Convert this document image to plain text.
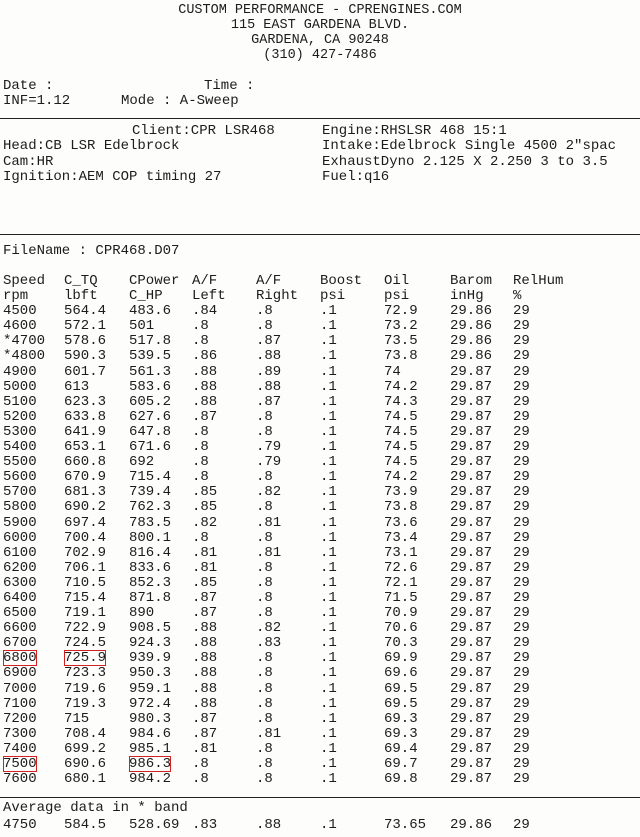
CUSTOM PERFORMANCE - CPRENGINES.COM
115 EAST GARDENA BLVD.
GARDENA, CA 90248
(310) 427-7486
Date :	Time :
INF=1.12	Mode : A-Sweep
Client:CPR LSR468	Engine:RHSLSR 468 15:1
Head:CB LSR Edelbrock	Intake:Edelbrock Single 4500 2"spac
Cam:HR	ExhaustDyno 2.125 X 2.250 3 to 3.5
Ignition:AEM COP timing 27	Fuel:q16
FileName : CPR468.D07
Speed	C_TQ	CPower	A/F	A/F	Boost	Oil	Barom	RelHum
rpm	lbft	C_HP	Left	Right	psi	psi	inHg	%
4500	564.4	483.6	.84	.8	.1	72.9	29.86	29
4600	572.1	501	.8	.8	.1	73.2	29.86	29
*4700	578.6	517.8	.8	.87	.1	73.5	29.86	29
*4800	590.3	539.5	.86	.88	.1	73.8	29.86	29
4900	601.7	561.3	.88	.89	.1	74	29.87	29
5000	613	583.6	.88	.88	.1	74.2	29.87	29
5100	623.3	605.2	.88	.87	.1	74.3	29.87	29
5200	633.8	627.6	.87	.8	.1	74.5	29.87	29
5300	641.9	647.8	.8	.8	.1	74.5	29.87	29
5400	653.1	671.6	.8	.79	.1	74.5	29.87	29
5500	660.8	692	.8	.79	.1	74.5	29.87	29
5600	670.9	715.4	.8	.8	.1	74.2	29.87	29
5700	681.3	739.4	.85	.82	.1	73.9	29.87	29
5800	690.2	762.3	.85	.8	.1	73.8	29.87	29
5900	697.4	783.5	.82	.81	.1	73.6	29.87	29
6000	700.4	800.1	.8	.8	.1	73.4	29.87	29
6100	702.9	816.4	.81	.81	.1	73.1	29.87	29
6200	706.1	833.6	.81	.8	.1	72.6	29.87	29
6300	710.5	852.3	.85	.8	.1	72.1	29.87	29
6400	715.4	871.8	.87	.8	.1	71.5	29.87	29
6500	719.1	890	.87	.8	.1	70.9	29.87	29
6600	722.9	908.5	.88	.82	.1	70.6	29.87	29
6700	724.5	924.3	.88	.83	.1	70.3	29.87	29
6800	725.9	939.9	.88	.8	.1	69.9	29.87	29
6900	723.3	950.3	.88	.8	.1	69.6	29.87	29
7000	719.6	959.1	.88	.8	.1	69.5	29.87	29
7100	719.3	972.4	.88	.8	.1	69.5	29.87	29
7200	715	980.3	.87	.8	.1	69.3	29.87	29
7300	708.4	984.6	.87	.81	.1	69.3	29.87	29
7400	699.2	985.1	.81	.8	.1	69.4	29.87	29
7500	690.6	986.3	.8	.8	.1	69.7	29.87	29
7600	680.1	984.2	.8	.8	.1	69.8	29.87	29
Average data in * band
4750	584.5	528.69	.83	.88	.1	73.65	29.86	29
